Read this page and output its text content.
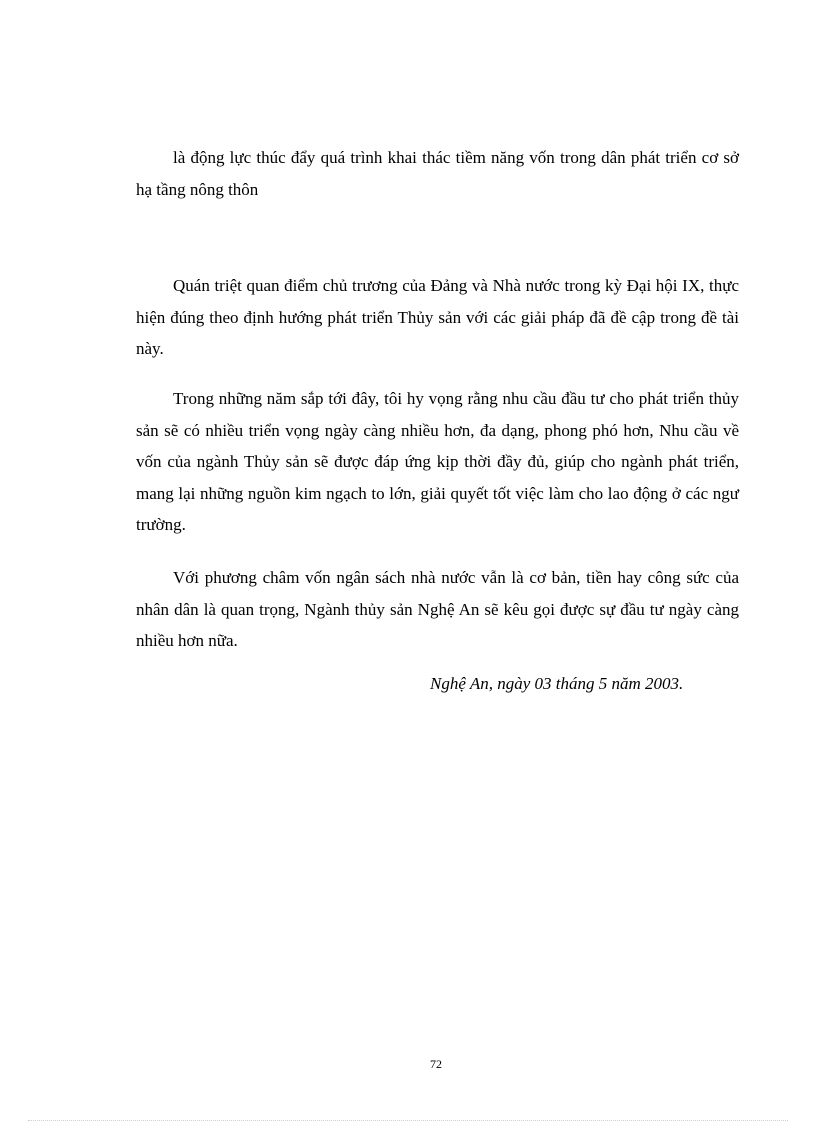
là động lực thúc đẩy quá trình khai thác tiềm năng vốn trong dân phát triển cơ sở hạ tầng nông thôn

Quán triệt quan điểm chủ trương của Đảng và Nhà nước trong kỳ Đại hội IX, thực hiện đúng theo định hướng phát triển Thủy sản với các giải pháp đã đề cập trong đề tài này.

Trong những năm sắp tới đây, tôi hy vọng rằng nhu cầu đầu tư cho phát triển thủy sản sẽ có nhiều triển vọng ngày càng nhiều hơn, đa dạng, phong phó hơn, Nhu cầu về vốn của ngành Thủy sản sẽ được đáp ứng kịp thời đầy đủ, giúp cho ngành phát triển, mang lại những nguồn kim ngạch to lớn, giải quyết tốt việc làm cho lao động ở các ngư trường.

Với phương châm vốn ngân sách nhà nước vẫn là cơ bản, tiền hay công sức của nhân dân là quan trọng, Ngành thủy sản Nghệ An sẽ kêu gọi được sự đầu tư ngày càng nhiều hơn nữa.

Nghệ An, ngày 03 tháng 5 năm 2003.

72
